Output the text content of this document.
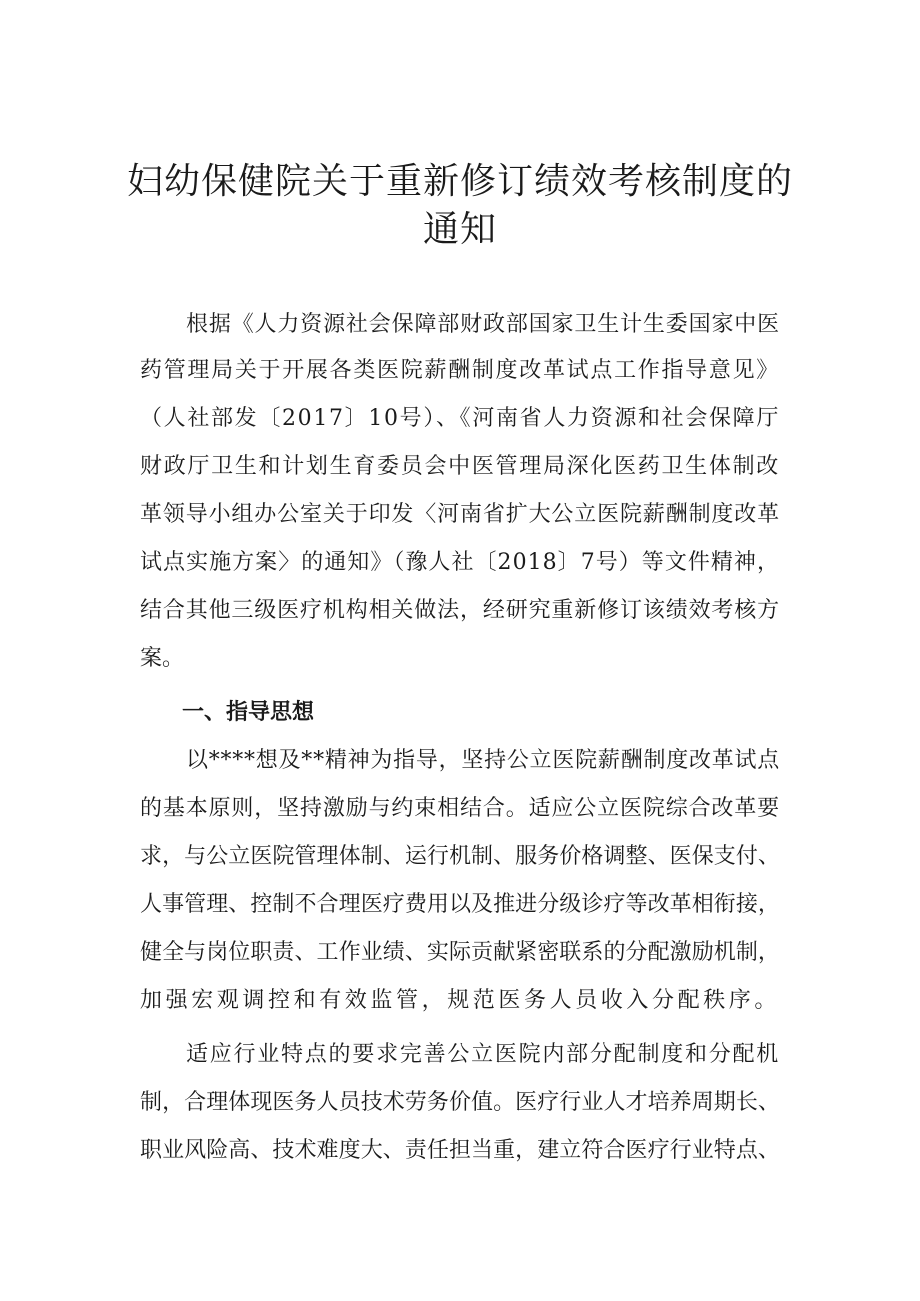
妇幼保健院关于重新修订绩效考核制度的
通知
根据《人力资源社会保障部财政部国家卫生计生委国家中医
药管理局关于开展各类医院薪酬制度改革试点工作指导意见》
（人社部发〔2017〕10号）、《河南省人力资源和社会保障厅
财政厅卫生和计划生育委员会中医管理局深化医药卫生体制改
革领导小组办公室关于印发〈河南省扩大公立医院薪酬制度改革
试点实施方案〉的通知》（豫人社〔2018〕7号）等文件精神，
结合其他三级医疗机构相关做法，经研究重新修订该绩效考核方
案。
一、指导思想
以****想及**精神为指导，坚持公立医院薪酬制度改革试点
的基本原则，坚持激励与约束相结合。适应公立医院综合改革要
求，与公立医院管理体制、运行机制、服务价格调整、医保支付、
人事管理、控制不合理医疗费用以及推进分级诊疗等改革相衔接，
健全与岗位职责、工作业绩、实际贡献紧密联系的分配激励机制，
加强宏观调控和有效监管，规范医务人员收入分配秩序。
适应行业特点的要求完善公立医院内部分配制度和分配机
制，合理体现医务人员技术劳务价值。医疗行业人才培养周期长、
职业风险高、技术难度大、责任担当重，建立符合医疗行业特点、
